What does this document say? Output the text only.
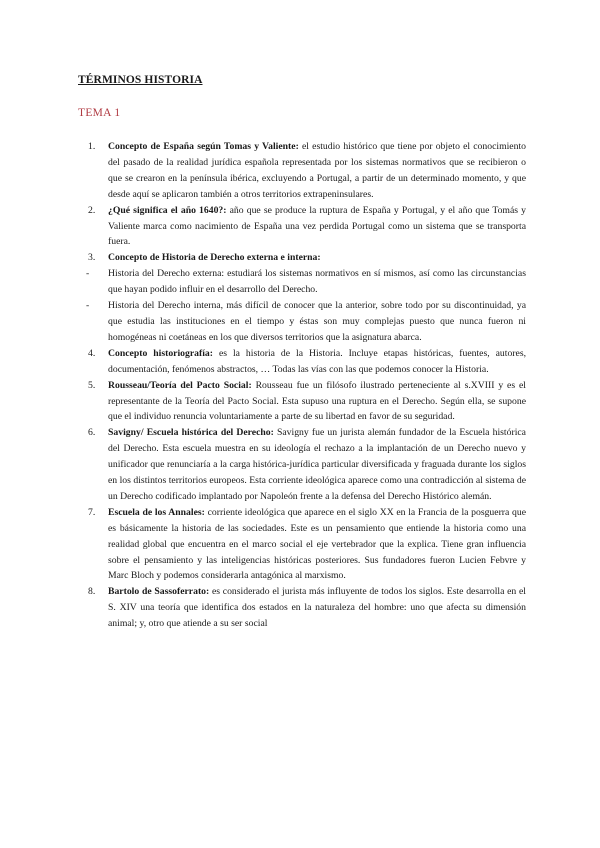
TÉRMINOS HISTORIA
TEMA 1
1. Concepto de España según Tomas y Valiente: el estudio histórico que tiene por objeto el conocimiento del pasado de la realidad jurídica española representada por los sistemas normativos que se recibieron o que se crearon en la península ibérica, excluyendo a Portugal, a partir de un determinado momento, y que desde aquí se aplicaron también a otros territorios extrapeninsulares.
2. ¿Qué significa el año 1640?: año que se produce la ruptura de España y Portugal, y el año que Tomás y Valiente marca como nacimiento de España una vez perdida Portugal como un sistema que se transporta fuera.
3. Concepto de Historia de Derecho externa e interna:
- Historia del Derecho externa: estudiará los sistemas normativos en sí mismos, así como las circunstancias que hayan podido influir en el desarrollo del Derecho.
- Historia del Derecho interna, más difícil de conocer que la anterior, sobre todo por su discontinuidad, ya que estudia las instituciones en el tiempo y éstas son muy complejas puesto que nunca fueron ni homogéneas ni coetáneas en los que diversos territorios que la asignatura abarca.
4. Concepto historiografía: es la historia de la Historia. Incluye etapas históricas, fuentes, autores, documentación, fenómenos abstractos, … Todas las vías con las que podemos conocer la Historia.
5. Rousseau/Teoría del Pacto Social: Rousseau fue un filósofo ilustrado perteneciente al s.XVIII y es el representante de la Teoría del Pacto Social. Esta supuso una ruptura en el Derecho. Según ella, se supone que el individuo renuncia voluntariamente a parte de su libertad en favor de su seguridad.
6. Savigny/ Escuela histórica del Derecho: Savigny fue un jurista alemán fundador de la Escuela histórica del Derecho. Esta escuela muestra en su ideología el rechazo a la implantación de un Derecho nuevo y unificador que renunciaría a la carga histórica-jurídica particular diversificada y fraguada durante los siglos en los distintos territorios europeos. Esta corriente ideológica aparece como una contradicción al sistema de un Derecho codificado implantado por Napoleón frente a la defensa del Derecho Histórico alemán.
7. Escuela de los Annales: corriente ideológica que aparece en el siglo XX en la Francia de la posguerra que es básicamente la historia de las sociedades. Este es un pensamiento que entiende la historia como una realidad global que encuentra en el marco social el eje vertebrador que la explica. Tiene gran influencia sobre el pensamiento y las inteligencias históricas posteriores. Sus fundadores fueron Lucien Febvre y Marc Bloch y podemos considerarla antagónica al marxismo.
8. Bartolo de Sassoferrato: es considerado el jurista más influyente de todos los siglos. Este desarrolla en el S. XIV una teoría que identifica dos estados en la naturaleza del hombre: uno que afecta su dimensión animal; y, otro que atiende a su ser social
